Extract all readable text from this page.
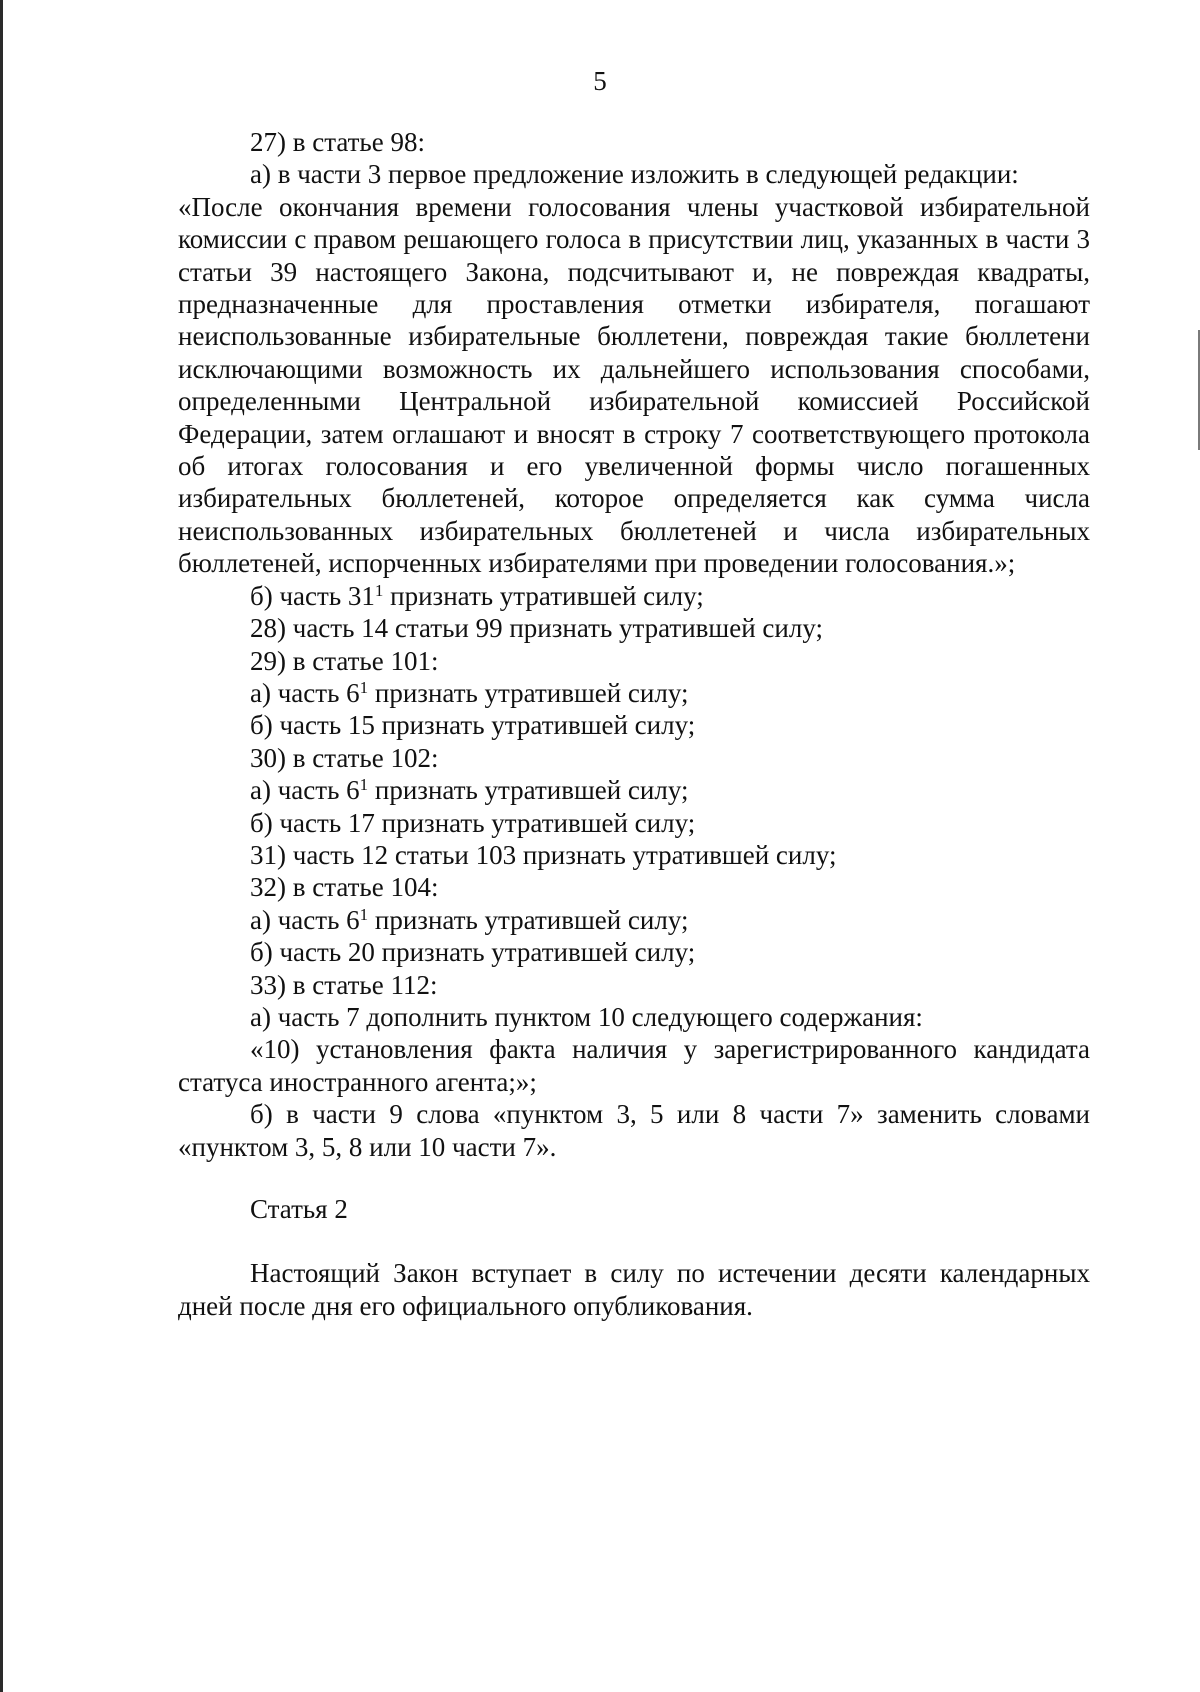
5

27) в статье 98:

а) в части 3 первое предложение изложить в следующей редакции:

«После окончания времени голосования члены участковой избирательной комиссии с правом решающего голоса в присутствии лиц, указанных в части 3 статьи 39 настоящего Закона, подсчитывают и, не повреждая квадраты, предназначенные для проставления отметки избирателя, погашают неиспользованные избирательные бюллетени, повреждая такие бюллетени исключающими возможность их дальнейшего использования способами, определенными Центральной избирательной комиссией Российской Федерации, затем оглашают и вносят в строку 7 соответствующего протокола об итогах голосования и его увеличенной формы число погашенных избирательных бюллетеней, которое определяется как сумма числа неиспользованных избирательных бюллетеней и числа избирательных бюллетеней, испорченных избирателями при проведении голосования.»;

б) часть $31^1$ признать утратившей силу;

28) часть 14 статьи 99 признать утратившей силу;

29) в статье 101:

а) часть $6^1$ признать утратившей силу;

б) часть 15 признать утратившей силу;

30) в статье 102:

а) часть $6^1$ признать утратившей силу;

б) часть 17 признать утратившей силу;

31) часть 12 статьи 103 признать утратившей силу;

32) в статье 104:

а) часть $6^1$ признать утратившей силу;

б) часть 20 признать утратившей силу;

33) в статье 112:

а) часть 7 дополнить пунктом 10 следующего содержания:

«10) установления факта наличия у зарегистрированного кандидата статуса иностранного агента;»;

б) в части 9 слова «пунктом 3, 5 или 8 части 7» заменить словами «пунктом 3, 5, 8 или 10 части 7».

Статья 2

Настоящий Закон вступает в силу по истечении десяти календарных дней после дня его официального опубликования.
